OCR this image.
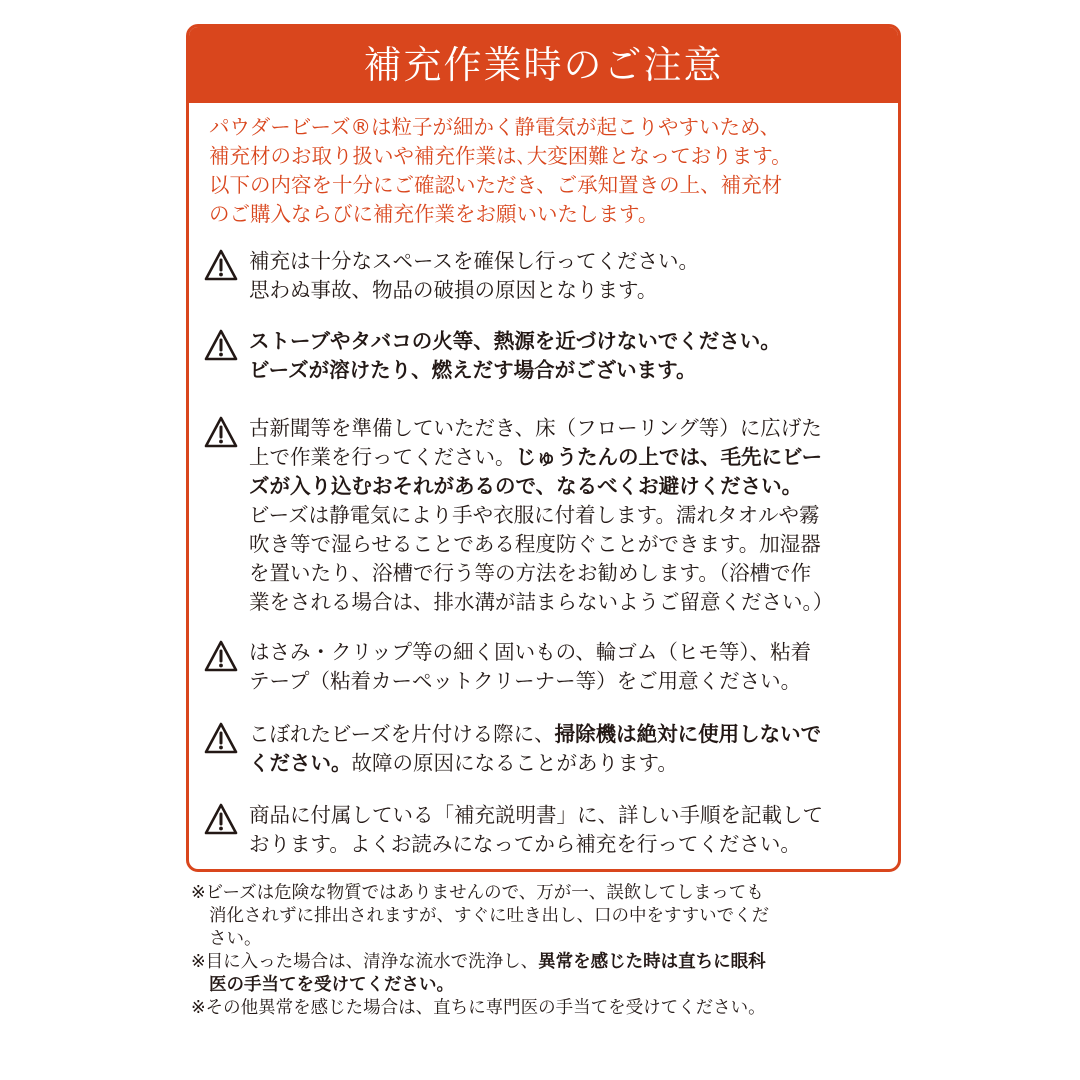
補充作業時のご注意
パウダービーズ®は粒子が細かく静電気が起こりやすいため、
補充材のお取り扱いや補充作業は､大変困難となっております。
以下の内容を十分にご確認いただき、ご承知置きの上、補充材
のご購入ならびに補充作業をお願いいたします。
補充は十分なスペースを確保し行ってください。
思わぬ事故、物品の破損の原因となります。
ストーブやタバコの火等、熱源を近づけないでください。
ビーズが溶けたり、燃えだす場合がございます。
古新聞等を準備していただき、床（フローリング等）に広げた
上で作業を行ってください。じゅうたんの上では、毛先にビー
ズが入り込むおそれがあるので、なるべくお避けください。
ビーズは静電気により手や衣服に付着します。濡れタオルや霧
吹き等で湿らせることである程度防ぐことができます。加湿器
を置いたり、浴槽で行う等の方法をお勧めします。（浴槽で作
業をされる場合は、排水溝が詰まらないようご留意ください。）
はさみ・クリップ等の細く固いもの、輪ゴム（ヒモ等）、粘着
テープ（粘着カーペットクリーナー等）をご用意ください。
こぼれたビーズを片付ける際に、掃除機は絶対に使用しないで
ください。故障の原因になることがあります。
商品に付属している「補充説明書」に、詳しい手順を記載して
おります。よくお読みになってから補充を行ってください。
※ビーズは危険な物質ではありませんので、万が一、誤飲してしまっても
消化されずに排出されますが、すぐに吐き出し、口の中をすすいでくだ
さい。
※目に入った場合は、清浄な流水で洗浄し、異常を感じた時は直ちに眼科
医の手当てを受けてください。
※その他異常を感じた場合は、直ちに専門医の手当てを受けてください。
